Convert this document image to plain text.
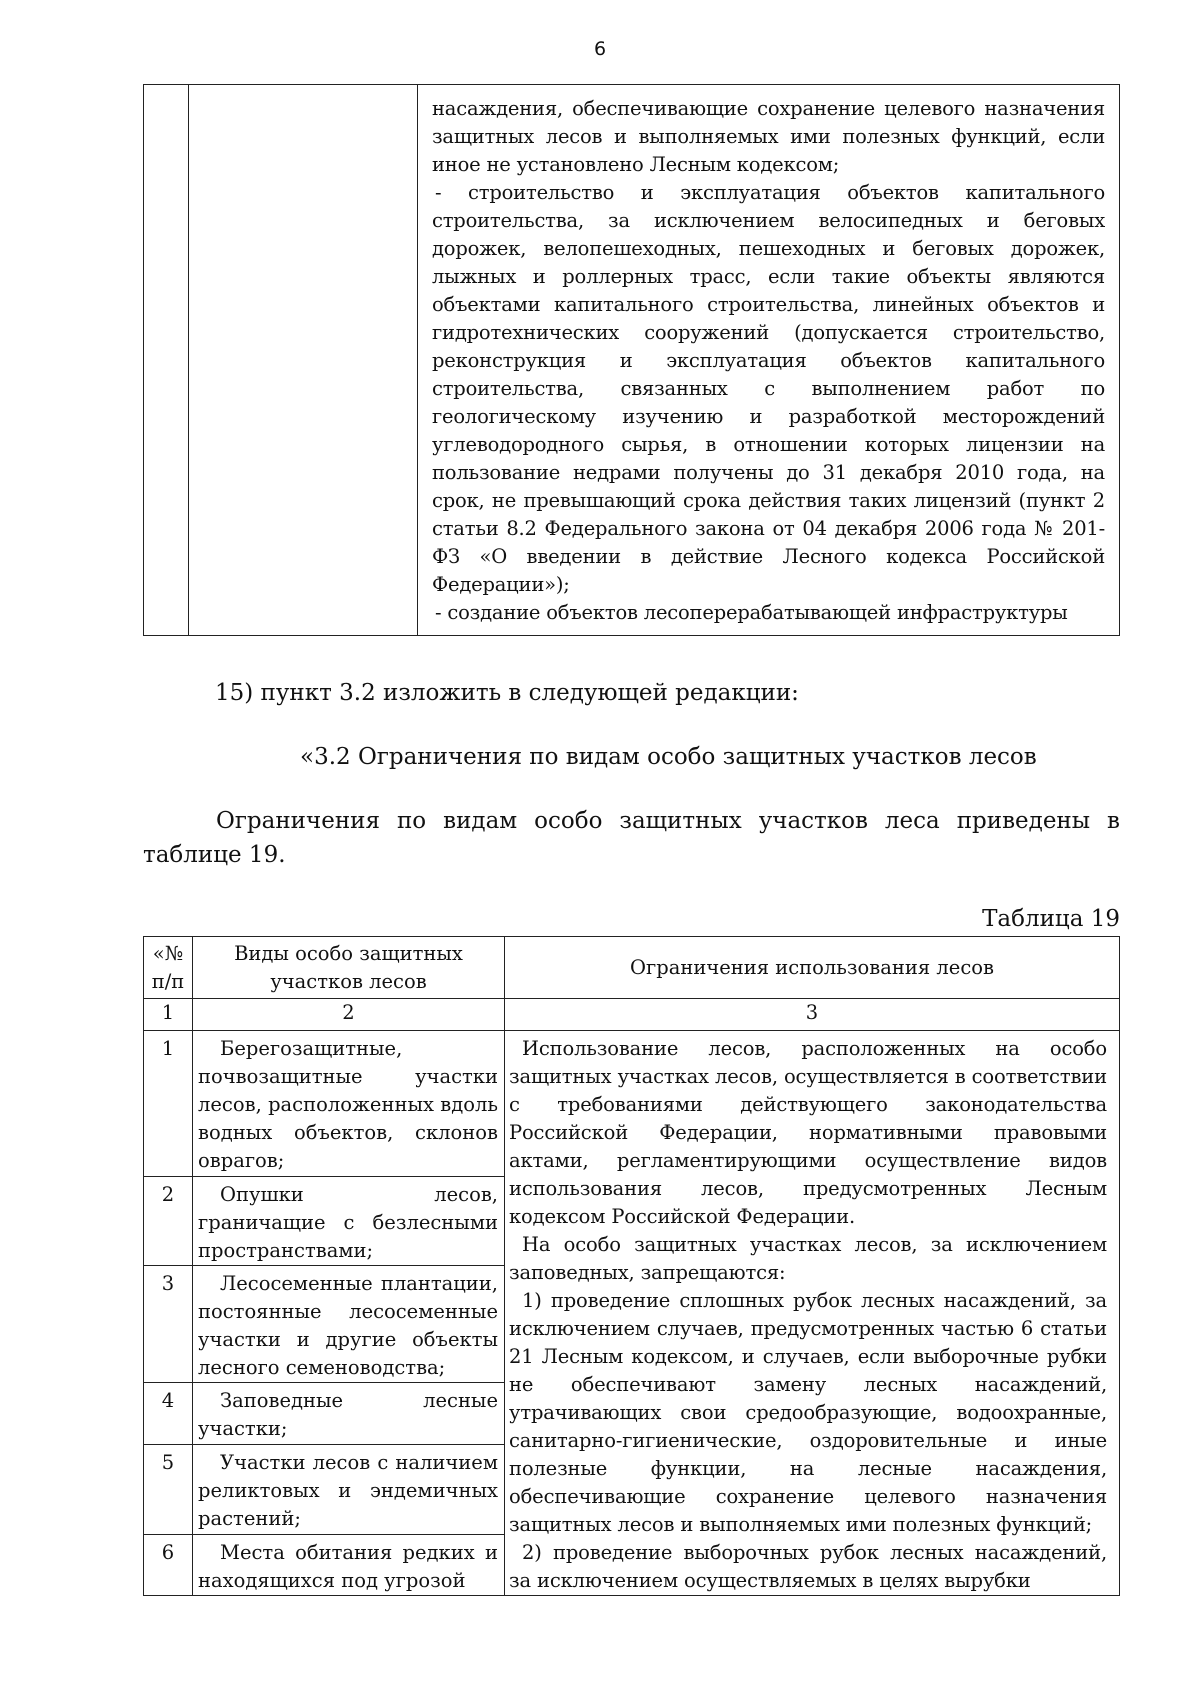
6

насаждения, обеспечивающие сохранение целевого назначения защитных лесов и выполняемых ими полезных функций, если иное не установлено Лесным кодексом;

- строительство и эксплуатация объектов капитального строительства, за исключением велосипедных и беговых дорожек, велопешеходных, пешеходных и беговых дорожек, лыжных и роллерных трасс, если такие объекты являются объектами капитального строительства, линейных объектов и гидротехнических сооружений (допускается строительство, реконструкция и эксплуатация объектов капитального строительства, связанных с выполнением работ по геологическому изучению и разработкой месторождений углеводородного сырья, в отношении которых лицензии на пользование недрами получены до 31 декабря 2010 года, на срок, не превышающий срока действия таких лицензий (пункт 2 статьи 8.2 Федерального закона от 04 декабря 2006 года № 201-ФЗ «О введении в действие Лесного кодекса Российской Федерации»);

- создание объектов лесоперерабатывающей инфраструктуры

15) пункт 3.2 изложить в следующей редакции:

«3.2 Ограничения по видам особо защитных участков лесов

Ограничения по видам особо защитных участков леса приведены в таблице 19.

Таблица 19
«№ п/п	Виды особо защитных участков лесов	Ограничения использования лесов
1	2	3
1	Берегозащитные, почвозащитные участки лесов, расположенных вдоль водных объектов, склонов оврагов;	Использование лесов, расположенных на особо защитных участках лесов, осуществляется в соответствии с требованиями действующего законодательства Российской Федерации, нормативными правовыми актами, регламентирующими осуществление видов использования лесов, предусмотренных Лесным кодексом Российской Федерации.

На особо защитных участках лесов, за исключением заповедных, запрещаются:

1) проведение сплошных рубок лесных насаждений, за исключением случаев, предусмотренных частью 6 статьи 21 Лесным кодексом, и случаев, если выборочные рубки не обеспечивают замену лесных насаждений, утрачивающих свои средообразующие, водоохранные, санитарно-гигиенические, оздоровительные и иные полезные функции, на лесные насаждения, обеспечивающие сохранение целевого назначения защитных лесов и выполняемых ими полезных функций;

2) проведение выборочных рубок лесных насаждений, за исключением осуществляемых в целях вырубки

2	Опушки лесов, граничащие с безлесными пространствами;	

3	Лесосеменные плантации, постоянные лесосеменные участки и другие объекты лесного семеноводства;	

4	Заповедные лесные участки;	

5	Участки лесов с наличием реликтовых и эндемичных растений;	

6	Места обитания редких и находящихся под угрозой	
